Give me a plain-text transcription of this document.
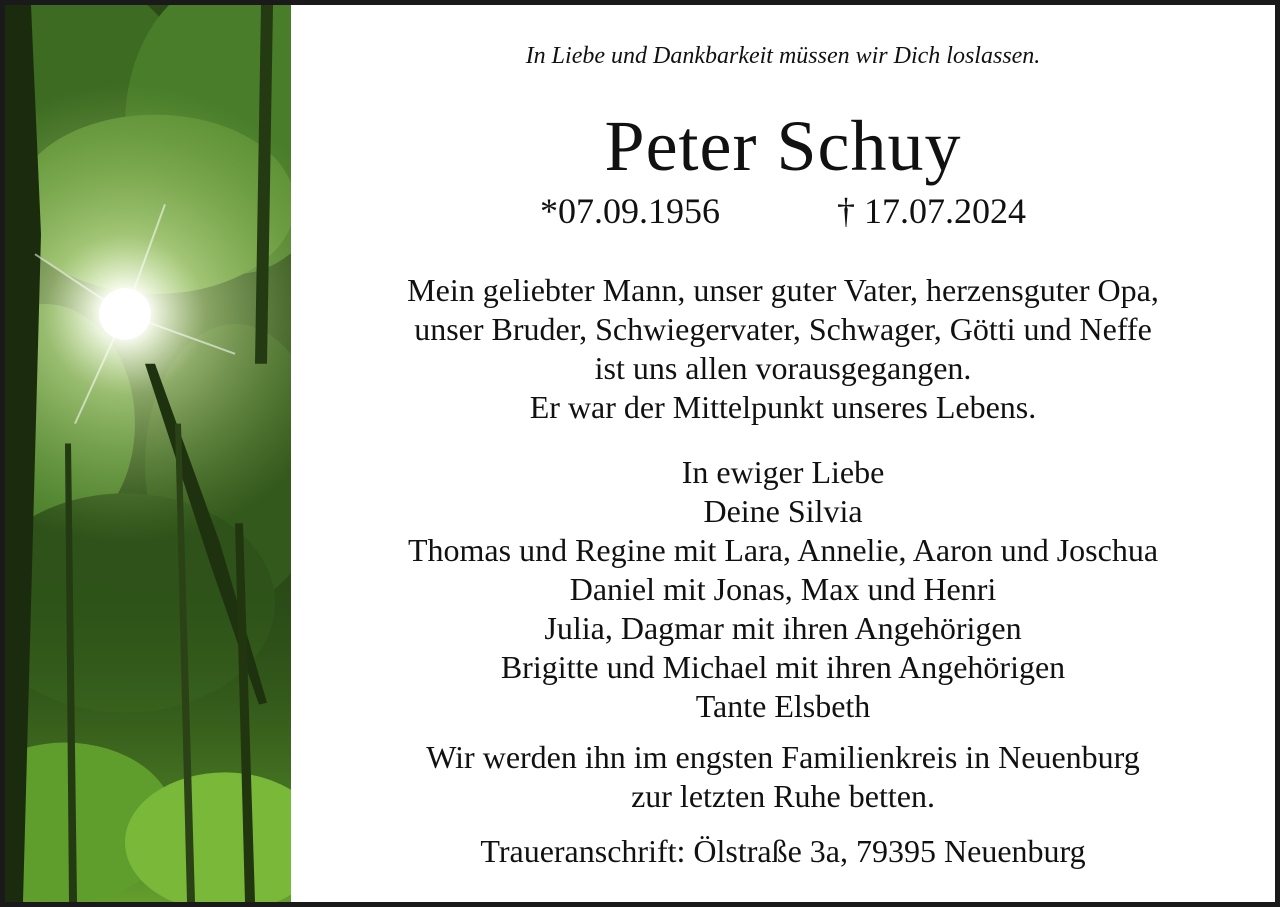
In Liebe und Dankbarkeit müssen wir Dich loslassen.
Peter Schuy
*07.09.1956	† 17.07.2024
Mein geliebter Mann, unser guter Vater, herzensguter Opa,
unser Bruder, Schwiegervater, Schwager, Götti und Neffe
ist uns allen vorausgegangen.
Er war der Mittelpunkt unseres Lebens.
In ewiger Liebe
Deine Silvia
Thomas und Regine mit Lara, Annelie, Aaron und Joschua
Daniel mit Jonas, Max und Henri
Julia, Dagmar mit ihren Angehörigen
Brigitte und Michael mit ihren Angehörigen
Tante Elsbeth
Wir werden ihn im engsten Familienkreis in Neuenburg
zur letzten Ruhe betten.
Traueranschrift: Ölstraße 3a, 79395 Neuenburg
